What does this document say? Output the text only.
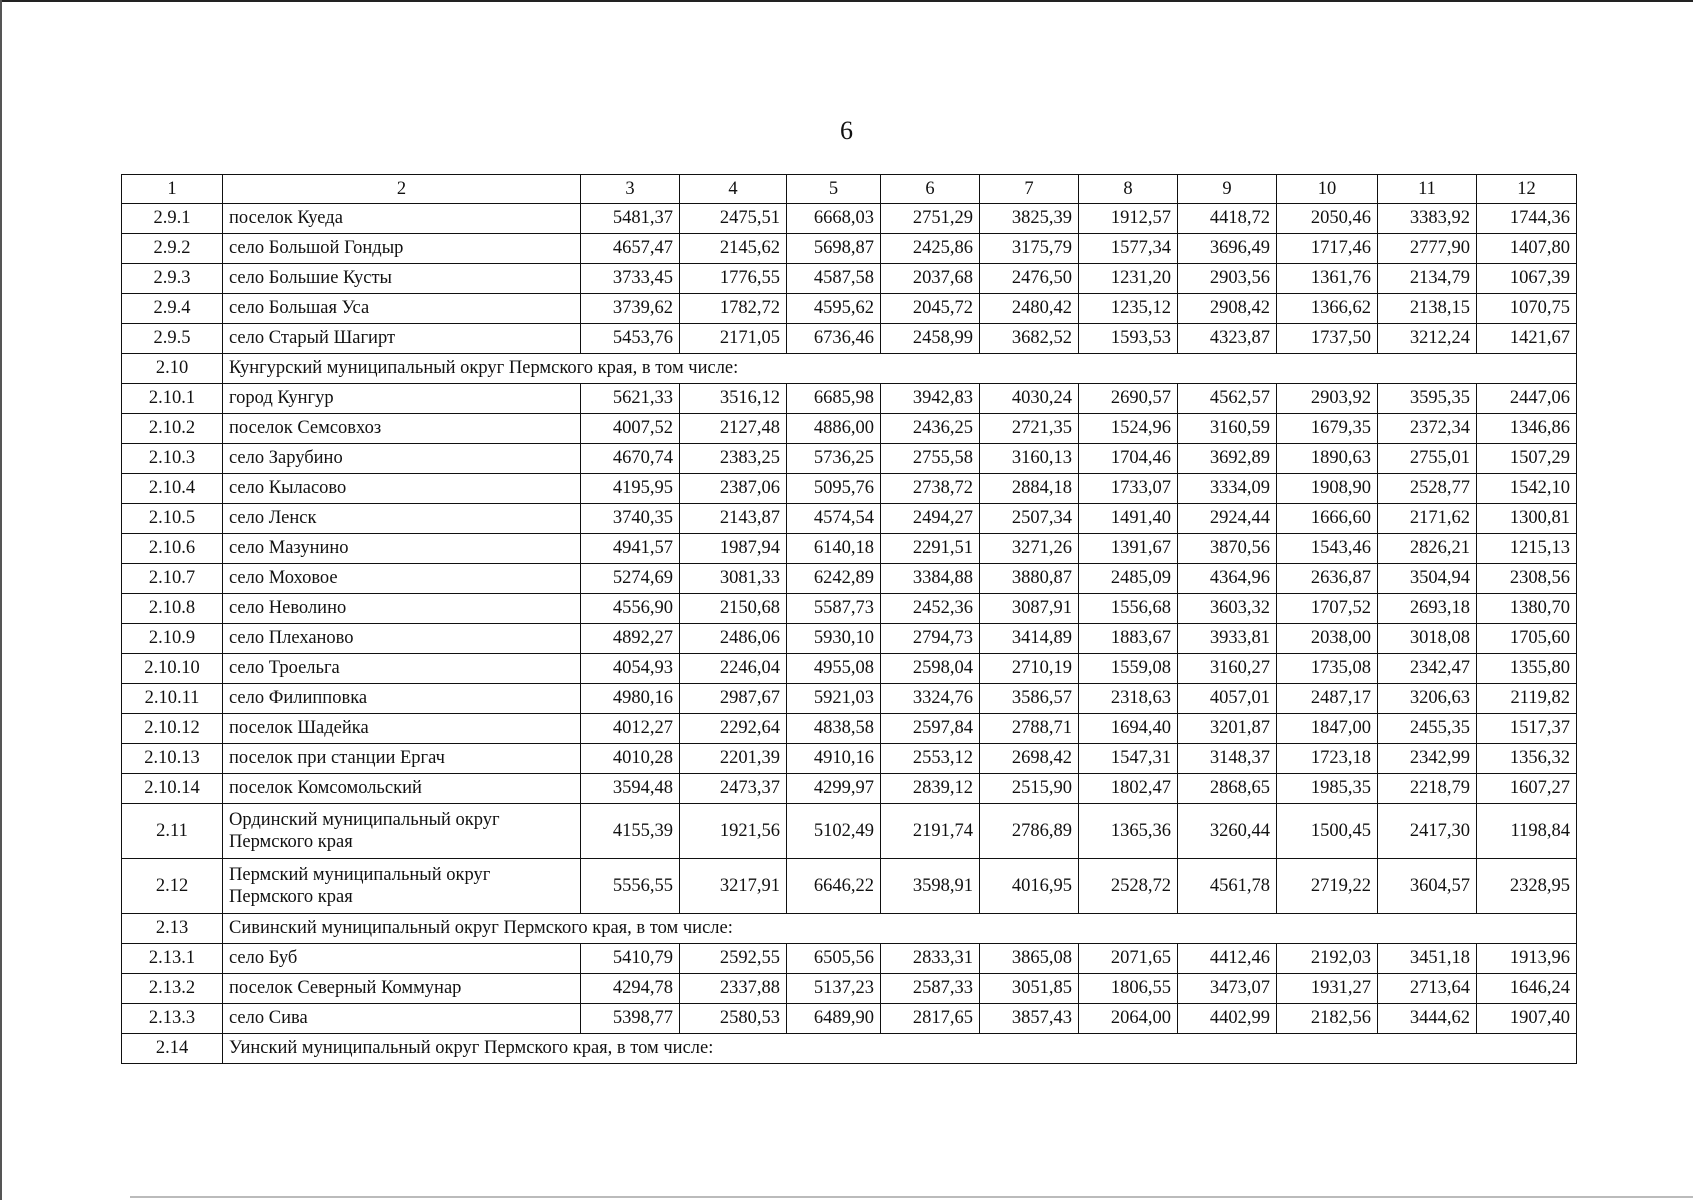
6
1	2	3	4	5	6	7	8	9	10	11	12
2.9.1	поселок Куеда	5481,37	2475,51	6668,03	2751,29	3825,39	1912,57	4418,72	2050,46	3383,92	1744,36
2.9.2	село Большой Гондыр	4657,47	2145,62	5698,87	2425,86	3175,79	1577,34	3696,49	1717,46	2777,90	1407,80
2.9.3	село Большие Кусты	3733,45	1776,55	4587,58	2037,68	2476,50	1231,20	2903,56	1361,76	2134,79	1067,39
2.9.4	село Большая Уса	3739,62	1782,72	4595,62	2045,72	2480,42	1235,12	2908,42	1366,62	2138,15	1070,75
2.9.5	село Старый Шагирт	5453,76	2171,05	6736,46	2458,99	3682,52	1593,53	4323,87	1737,50	3212,24	1421,67
2.10	Кунгурский муниципальный округ Пермского края, в том числе:										
2.10.1	город Кунгур	5621,33	3516,12	6685,98	3942,83	4030,24	2690,57	4562,57	2903,92	3595,35	2447,06
2.10.2	поселок Семсовхоз	4007,52	2127,48	4886,00	2436,25	2721,35	1524,96	3160,59	1679,35	2372,34	1346,86
2.10.3	село Зарубино	4670,74	2383,25	5736,25	2755,58	3160,13	1704,46	3692,89	1890,63	2755,01	1507,29
2.10.4	село Кыласово	4195,95	2387,06	5095,76	2738,72	2884,18	1733,07	3334,09	1908,90	2528,77	1542,10
2.10.5	село Ленск	3740,35	2143,87	4574,54	2494,27	2507,34	1491,40	2924,44	1666,60	2171,62	1300,81
2.10.6	село Мазунино	4941,57	1987,94	6140,18	2291,51	3271,26	1391,67	3870,56	1543,46	2826,21	1215,13
2.10.7	село Моховое	5274,69	3081,33	6242,89	3384,88	3880,87	2485,09	4364,96	2636,87	3504,94	2308,56
2.10.8	село Неволино	4556,90	2150,68	5587,73	2452,36	3087,91	1556,68	3603,32	1707,52	2693,18	1380,70
2.10.9	село Плеханово	4892,27	2486,06	5930,10	2794,73	3414,89	1883,67	3933,81	2038,00	3018,08	1705,60
2.10.10	село Троельга	4054,93	2246,04	4955,08	2598,04	2710,19	1559,08	3160,27	1735,08	2342,47	1355,80
2.10.11	село Филипповка	4980,16	2987,67	5921,03	3324,76	3586,57	2318,63	4057,01	2487,17	3206,63	2119,82
2.10.12	поселок Шадейка	4012,27	2292,64	4838,58	2597,84	2788,71	1694,40	3201,87	1847,00	2455,35	1517,37
2.10.13	поселок при станции Ергач	4010,28	2201,39	4910,16	2553,12	2698,42	1547,31	3148,37	1723,18	2342,99	1356,32
2.10.14	поселок Комсомольский	3594,48	2473,37	4299,97	2839,12	2515,90	1802,47	2868,65	1985,35	2218,79	1607,27
2.11	Ординский муниципальный округ Пермского края	4155,39	1921,56	5102,49	2191,74	2786,89	1365,36	3260,44	1500,45	2417,30	1198,84
2.12	Пермский муниципальный округ Пермского края	5556,55	3217,91	6646,22	3598,91	4016,95	2528,72	4561,78	2719,22	3604,57	2328,95
2.13	Сивинский муниципальный округ Пермского края, в том числе:										
2.13.1	село Буб	5410,79	2592,55	6505,56	2833,31	3865,08	2071,65	4412,46	2192,03	3451,18	1913,96
2.13.2	поселок Северный Коммунар	4294,78	2337,88	5137,23	2587,33	3051,85	1806,55	3473,07	1931,27	2713,64	1646,24
2.13.3	село Сива	5398,77	2580,53	6489,90	2817,65	3857,43	2064,00	4402,99	2182,56	3444,62	1907,40
2.14	Уинский муниципальный округ Пермского края, в том числе:										
